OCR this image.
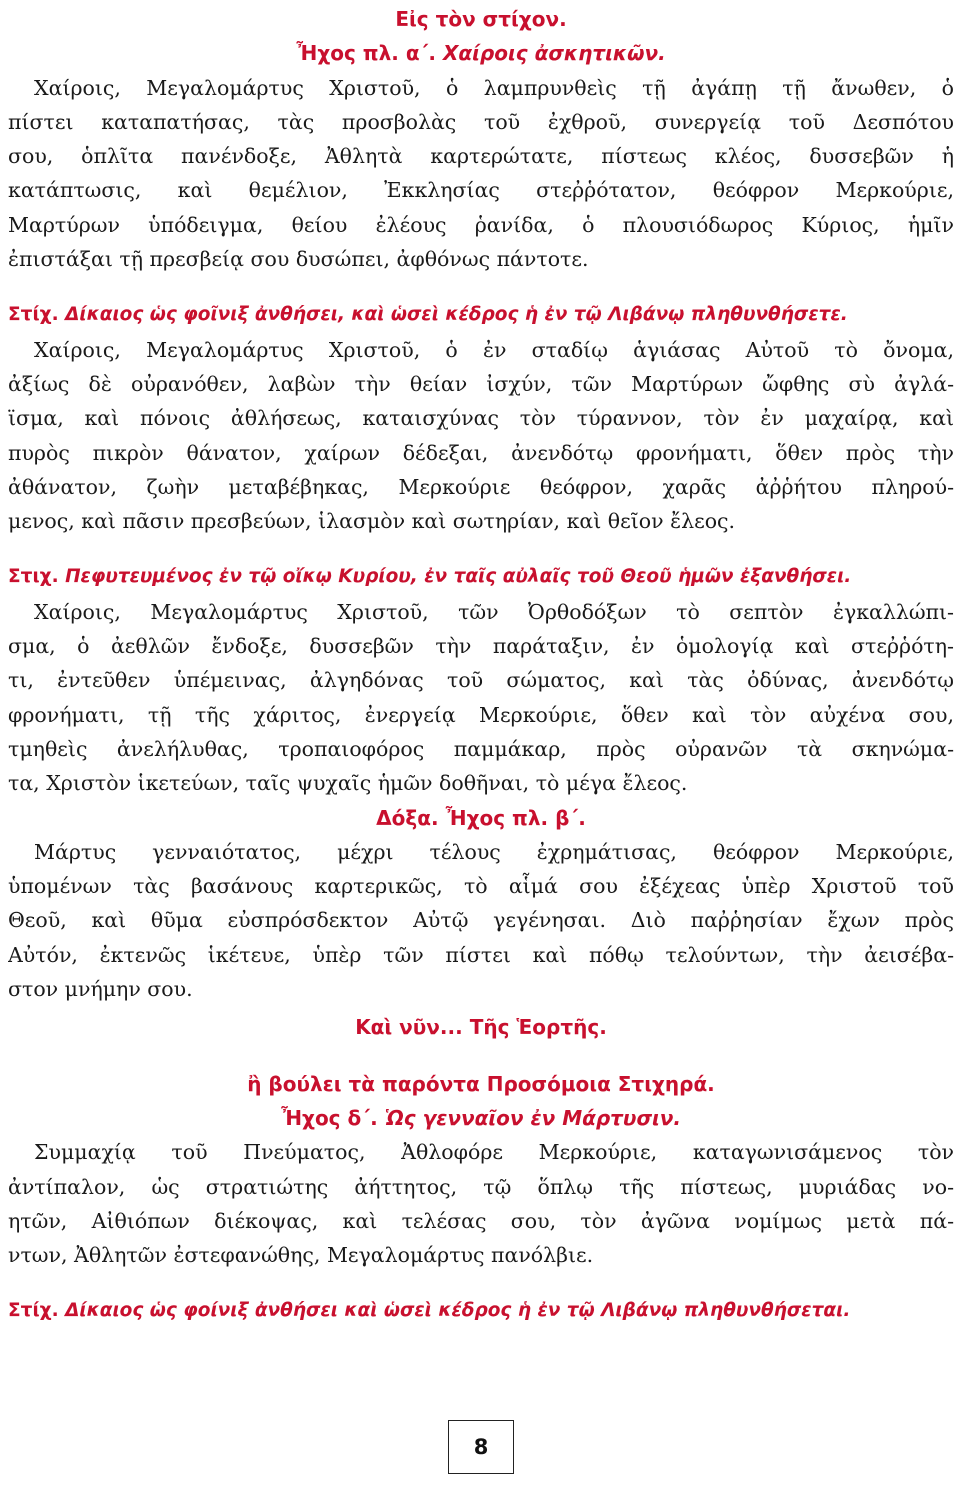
Εἰς τὸν στίχον.
Ἦχος πλ. α΄. Χαίροις ἀσκητικῶν.
Χαίροις, Μεγαλομάρτυς Χριστοῦ, ὁ λαμπρυνθεὶς τῇ ἀγάπῃ τῇ ἄνωθεν, ὁ
πίστει καταπατήσας, τὰς προσβολὰς τοῦ ἐχθροῦ, συνεργείᾳ τοῦ Δεσπότου
σου, ὁπλῖτα πανένδοξε, Ἀθλητὰ καρτερώτατε, πίστεως κλέος, δυσσεβῶν ἡ
κατάπτωσις, καὶ θεμέλιον, Ἐκκλησίας στεῤῥότατον, θεόφρον Μερκούριε,
Μαρτύρων ὑπόδειγμα, θείου ἐλέους ῥανίδα, ὁ πλουσιόδωρος Κύριος, ἡμῖν
ἐπιστάξαι τῇ πρεσβείᾳ σου δυσώπει, ἀφθόνως πάντοτε.
Στίχ. Δίκαιος ὡς φοῖνιξ ἀνθήσει, καὶ ὡσεὶ κέδρος ἡ ἐν τῷ Λιβάνῳ πληθυνθήσετε.
Χαίροις, Μεγαλομάρτυς Χριστοῦ, ὁ ἐν σταδίῳ ἁγιάσας Αὐτοῦ τὸ ὄνομα,
ἀξίως δὲ οὐρανόθεν, λαβὼν τὴν θείαν ἰσχύν, τῶν Μαρτύρων ὤφθης σὺ ἀγλά-
ϊσμα, καὶ πόνοις ἀθλήσεως, καταισχύνας τὸν τύραννον, τὸν ἐν μαχαίρᾳ, καὶ
πυρὸς πικρὸν θάνατον, χαίρων δέδεξαι, ἀνενδότῳ φρονήματι, ὅθεν πρὸς τὴν
ἀθάνατον, ζωὴν μεταβέβηκας, Μερκούριε θεόφρον, χαρᾶς ἀῤῥήτου πληρού-
μενος, καὶ πᾶσιν πρεσβεύων, ἱλασμὸν καὶ σωτηρίαν, καὶ θεῖον ἔλεος.
Στιχ. Πεφυτευμένος ἐν τῷ οἴκῳ Κυρίου, ἐν ταῖς αὐλαῖς τοῦ Θεοῦ ἡμῶν ἐξανθήσει.
Χαίροις, Μεγαλομάρτυς Χριστοῦ, τῶν Ὀρθοδόξων τὸ σεπτὸν ἐγκαλλώπι-
σμα, ὁ ἀεθλῶν ἔνδοξε, δυσσεβῶν τὴν παράταξιν, ἐν ὁμολογίᾳ καὶ στεῤῥότη-
τι, ἐντεῦθεν ὑπέμεινας, ἀλγηδόνας τοῦ σώματος, καὶ τὰς ὀδύνας, ἀνενδότῳ
φρονήματι, τῇ τῆς χάριτος, ἐνεργείᾳ Μερκούριε, ὅθεν καὶ τὸν αὐχένα σου,
τμηθεὶς ἀνελήλυθας, τροπαιοφόρος παμμάκαρ, πρὸς οὐρανῶν τὰ σκηνώμα-
τα, Χριστὸν ἱκετεύων, ταῖς ψυχαῖς ἡμῶν δοθῆναι, τὸ μέγα ἔλεος.
Δόξα. Ἦχος πλ. β΄.
Μάρτυς γενναιότατος, μέχρι τέλους ἐχρημάτισας, θεόφρον Μερκούριε,
ὑπομένων τὰς βασάνους καρτερικῶς, τὸ αἷμά σου ἐξέχεας ὑπὲρ Χριστοῦ τοῦ
Θεοῦ, καὶ θῦμα εὐσπρόσδεκτον Αὐτῷ γεγένησαι. Διὸ παῤῥησίαν ἔχων πρὸς
Αὐτόν, ἐκτενῶς ἱκέτευε, ὑπὲρ τῶν πίστει καὶ πόθῳ τελούντων, τὴν ἀεισέβα-
στον μνήμην σου.
Καὶ νῦν... Τῆς Ἑορτῆς.
ἢ βούλει τὰ παρόντα Προσόμοια Στιχηρά.
Ἦχος δ΄. Ὡς γενναῖον ἐν Μάρτυσιν.
Συμμαχίᾳ τοῦ Πνεύματος, Ἀθλοφόρε Μερκούριε, καταγωνισάμενος τὸν
ἀντίπαλον, ὡς στρατιώτης ἀήττητος, τῷ ὅπλῳ τῆς πίστεως, μυριάδας νο-
ητῶν, Αἰθιόπων διέκοψας, καὶ τελέσας σου, τὸν ἀγῶνα νομίμως μετὰ πά-
ντων, Ἀθλητῶν ἐστεφανώθης, Μεγαλομάρτυς πανόλβιε.
Στίχ. Δίκαιος ὡς φοίνιξ ἀνθήσει καὶ ὡσεὶ κέδρος ἡ ἐν τῷ Λιβάνῳ πληθυνθήσεται.
8
